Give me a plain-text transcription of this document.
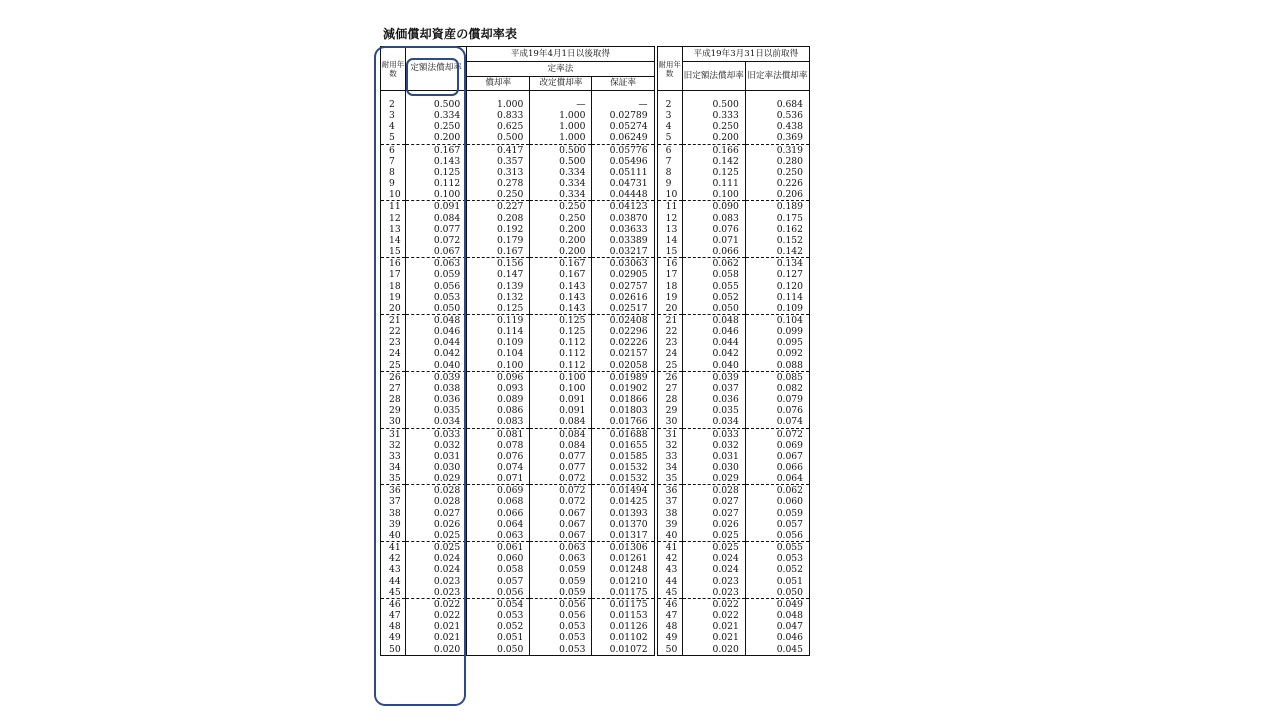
減価償却資産の償却率表
耐用年数	定額法償却率	平成19年4月1日以後取得				耐用年数	平成19年3月31日以前取得	
		定率法					旧定額法償却率	旧定率法償却率
		償却率	改定償却率	保証率				

2	0.500	1.000	—	—		2	0.500	0.684
3	0.334	0.833	1.000	0.02789		3	0.333	0.536
4	0.250	0.625	1.000	0.05274		4	0.250	0.438
5	0.200	0.500	1.000	0.06249		5	0.200	0.369
6	0.167	0.417	0.500	0.05776		6	0.166	0.319
7	0.143	0.357	0.500	0.05496		7	0.142	0.280
8	0.125	0.313	0.334	0.05111		8	0.125	0.250
9	0.112	0.278	0.334	0.04731		9	0.111	0.226
10	0.100	0.250	0.334	0.04448		10	0.100	0.206
11	0.091	0.227	0.250	0.04123		11	0.090	0.189
12	0.084	0.208	0.250	0.03870		12	0.083	0.175
13	0.077	0.192	0.200	0.03633		13	0.076	0.162
14	0.072	0.179	0.200	0.03389		14	0.071	0.152
15	0.067	0.167	0.200	0.03217		15	0.066	0.142
16	0.063	0.156	0.167	0.03063		16	0.062	0.134
17	0.059	0.147	0.167	0.02905		17	0.058	0.127
18	0.056	0.139	0.143	0.02757		18	0.055	0.120
19	0.053	0.132	0.143	0.02616		19	0.052	0.114
20	0.050	0.125	0.143	0.02517		20	0.050	0.109
21	0.048	0.119	0.125	0.02408		21	0.048	0.104
22	0.046	0.114	0.125	0.02296		22	0.046	0.099
23	0.044	0.109	0.112	0.02226		23	0.044	0.095
24	0.042	0.104	0.112	0.02157		24	0.042	0.092
25	0.040	0.100	0.112	0.02058		25	0.040	0.088
26	0.039	0.096	0.100	0.01989		26	0.039	0.085
27	0.038	0.093	0.100	0.01902		27	0.037	0.082
28	0.036	0.089	0.091	0.01866		28	0.036	0.079
29	0.035	0.086	0.091	0.01803		29	0.035	0.076
30	0.034	0.083	0.084	0.01766		30	0.034	0.074
31	0.033	0.081	0.084	0.01688		31	0.033	0.072
32	0.032	0.078	0.084	0.01655		32	0.032	0.069
33	0.031	0.076	0.077	0.01585		33	0.031	0.067
34	0.030	0.074	0.077	0.01532		34	0.030	0.066
35	0.029	0.071	0.072	0.01532		35	0.029	0.064
36	0.028	0.069	0.072	0.01494		36	0.028	0.062
37	0.028	0.068	0.072	0.01425		37	0.027	0.060
38	0.027	0.066	0.067	0.01393		38	0.027	0.059
39	0.026	0.064	0.067	0.01370		39	0.026	0.057
40	0.025	0.063	0.067	0.01317		40	0.025	0.056
41	0.025	0.061	0.063	0.01306		41	0.025	0.055
42	0.024	0.060	0.063	0.01261		42	0.024	0.053
43	0.024	0.058	0.059	0.01248		43	0.024	0.052
44	0.023	0.057	0.059	0.01210		44	0.023	0.051
45	0.023	0.056	0.059	0.01175		45	0.023	0.050
46	0.022	0.054	0.056	0.01175		46	0.022	0.049
47	0.022	0.053	0.056	0.01153		47	0.022	0.048
48	0.021	0.052	0.053	0.01126		48	0.021	0.047
49	0.021	0.051	0.053	0.01102		49	0.021	0.046
50	0.020	0.050	0.053	0.01072		50	0.020	0.045
